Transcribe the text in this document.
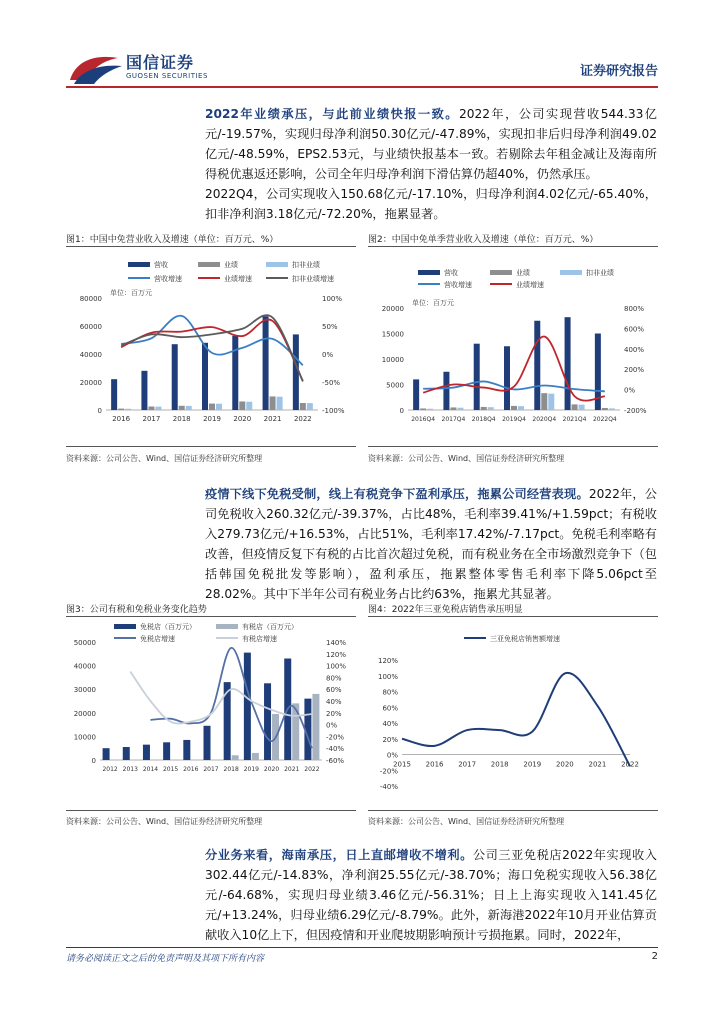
国信证券
GUOSEN SECURITIES	证券研究报告

2022年业绩承压，与此前业绩快报一致。2022年，公司实现营收544.33亿元/-19.57%，实现归母净利润50.30亿元/-47.89%，实现扣非后归母净利润49.02亿元/-48.59%，EPS2.53元，与业绩快报基本一致。若剔除去年租金减让及海南所得税优惠返还影响，公司全年归母净利润下滑估算仍超40%，仍然承压。

2022Q4，公司实现收入150.68亿元/-17.10%，归母净利润4.02亿元/-65.40%，扣非净利润3.18亿元/-72.20%，拖累显著。

图1：中国中免营业收入及增速（单位：百万元、%）
营收	业绩	扣非业绩
营收增速	业绩增速	扣非业绩增速
单位：百万元
0
20000
40000
60000
80000
-100%
-50%
0%
50%
100%
2016 2017 2018 2019 2020 2021 2022
资料来源：公司公告、Wind、国信证券经济研究所整理
图2：中国中免单季营业收入及增速（单位：百万元、%）
营收	业绩	扣非业绩
营收增速	业绩增速
单位：百万元
0
5000
10000
15000
20000
-200%
0%
200%
400%
600%
800%
2016Q4 2017Q4 2018Q4 2019Q4 2020Q4 2021Q4 2022Q4
资料来源：公司公告、Wind、国信证券经济研究所整理

疫情下线下免税受制，线上有税竞争下盈利承压，拖累公司经营表现。2022年，公司免税收入260.32亿元/-39.37%，占比48%，毛利率39.41%/+1.59pct；有税收入279.73亿元/+16.53%，占比51%，毛利率17.42%/-7.17pct。免税毛利率略有改善，但疫情反复下有税的占比首次超过免税，而有税业务在全市场激烈竞争下（包括韩国免税批发等影响），盈利承压，拖累整体零售毛利率下降5.06pct至28.02%。其中下半年公司有税业务占比约63%，拖累尤其显著。

图3：公司有税和免税业务变化趋势
免税店（百万元）	有税店（百万元）
免税店增速	有税店增速
0
10000
20000
30000
40000
50000
-60%
-40%
-20%
0%
20%
40%
60%
80%
100%
120%
140%
2012 2013 2014 2015 2016 2017 2018 2019 2020 2021 2022
资料来源：公司公告、Wind、国信证券经济研究所整理
图4：2022年三亚免税店销售承压明显
三亚免税店销售额增速
-40%
-20%
0%
20%
40%
60%
80%
100%
120%
2015 2016 2017 2018 2019 2020 2021 2022
资料来源：公司公告、Wind、国信证券经济研究所整理

分业务来看，海南承压，日上直邮增收不增利。公司三亚免税店2022年实现收入302.44亿元/-14.83%，净利润25.55亿元/-38.70%；海口免税实现收入56.38亿元/-64.68%，实现归母业绩3.46亿元/-56.31%；日上上海实现收入141.45亿元/+13.24%，归母业绩6.29亿元/-8.79%。此外，新海港2022年10月开业估算贡献收入10亿上下，但因疫情和开业爬坡期影响预计亏损拖累。同时，2022年，

请务必阅读正文之后的免责声明及其项下所有内容	2
